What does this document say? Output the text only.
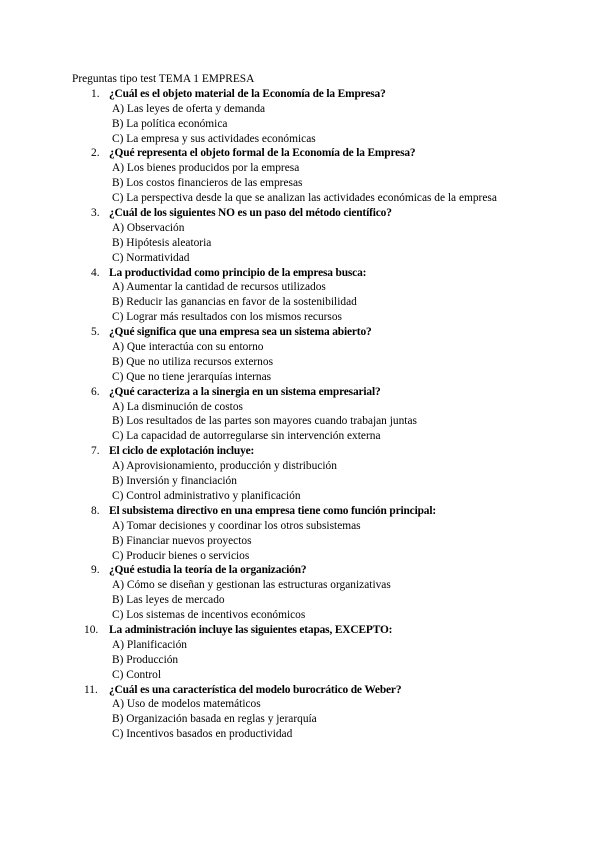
Preguntas tipo test TEMA 1 EMPRESA
1. ¿Cuál es el objeto material de la Economía de la Empresa?
A) Las leyes de oferta y demanda
B) La política económica
C) La empresa y sus actividades económicas
2. ¿Qué representa el objeto formal de la Economía de la Empresa?
A) Los bienes producidos por la empresa
B) Los costos financieros de las empresas
C) La perspectiva desde la que se analizan las actividades económicas de la empresa
3. ¿Cuál de los siguientes NO es un paso del método científico?
A) Observación
B) Hipótesis aleatoria
C) Normatividad
4. La productividad como principio de la empresa busca:
A) Aumentar la cantidad de recursos utilizados
B) Reducir las ganancias en favor de la sostenibilidad
C) Lograr más resultados con los mismos recursos
5. ¿Qué significa que una empresa sea un sistema abierto?
A) Que interactúa con su entorno
B) Que no utiliza recursos externos
C) Que no tiene jerarquías internas
6. ¿Qué caracteriza a la sinergia en un sistema empresarial?
A) La disminución de costos
B) Los resultados de las partes son mayores cuando trabajan juntas
C) La capacidad de autorregularse sin intervención externa
7. El ciclo de explotación incluye:
A) Aprovisionamiento, producción y distribución
B) Inversión y financiación
C) Control administrativo y planificación
8. El subsistema directivo en una empresa tiene como función principal:
A) Tomar decisiones y coordinar los otros subsistemas
B) Financiar nuevos proyectos
C) Producir bienes o servicios
9. ¿Qué estudia la teoría de la organización?
A) Cómo se diseñan y gestionan las estructuras organizativas
B) Las leyes de mercado
C) Los sistemas de incentivos económicos
10. La administración incluye las siguientes etapas, EXCEPTO:
A) Planificación
B) Producción
C) Control
11. ¿Cuál es una característica del modelo burocrático de Weber?
A) Uso de modelos matemáticos
B) Organización basada en reglas y jerarquía
C) Incentivos basados en productividad
